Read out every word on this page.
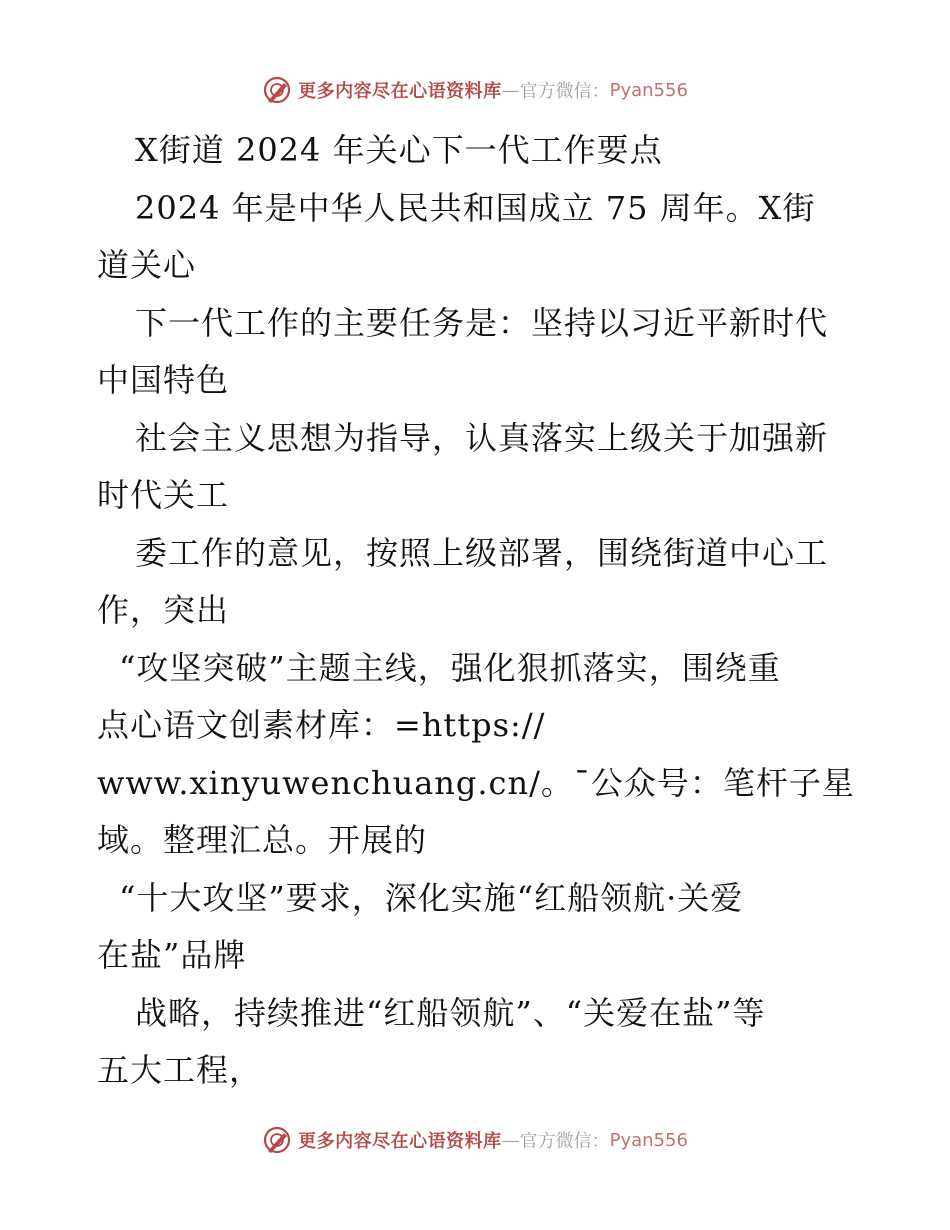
更多内容尽在心语资料库 — 官方微信： Pyan556
X街道 2024 年关心下一代工作要点
2024 年是中华人民共和国成立 75 周年。X街
道关心
下一代工作的主要任务是：坚持以习近平新时代
中国特色
社会主义思想为指导，认真落实上级关于加强新
时代关工
委工作的意见，按照上级部署，围绕街道中心工
作，突出
“攻坚突破”主题主线，强化狠抓落实，围绕重
点心语文创素材库：=https://
www.xinyuwenchuang.cn/。¯公众号：笔杆子星
域。整理汇总。开展的
“十大攻坚”要求，深化实施“红船领航·关爱
在盐”品牌
战略，持续推进“红船领航”、“关爱在盐”等
五大工程，
更多内容尽在心语资料库 — 官方微信： Pyan556
